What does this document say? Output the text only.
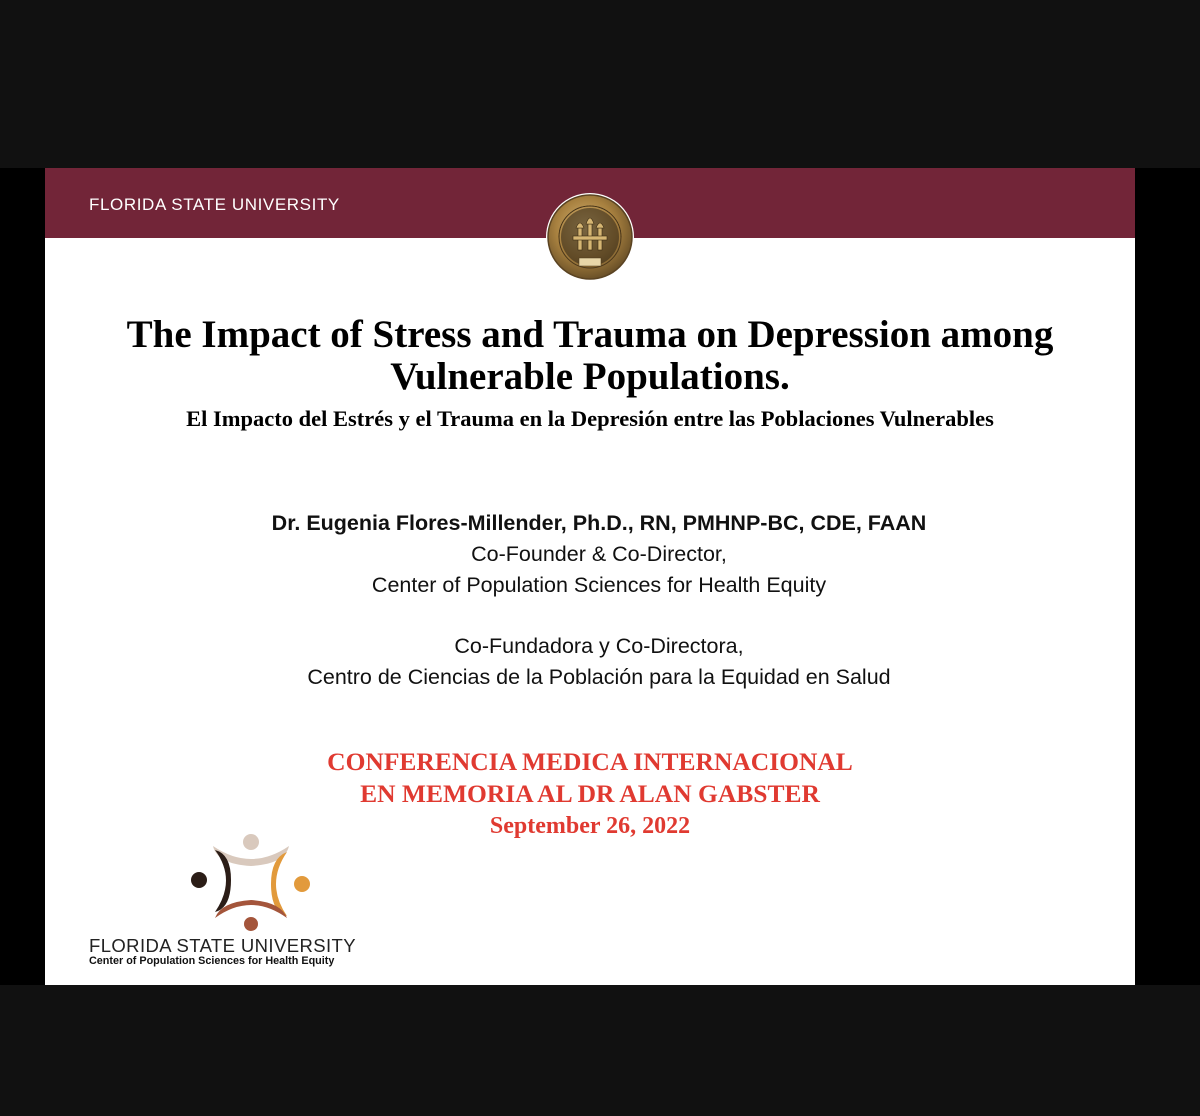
FLORIDA STATE UNIVERSITY
The Impact of Stress and Trauma on Depression among
Vulnerable Populations.
El Impacto del Estrés y el Trauma en la Depresión entre las Poblaciones Vulnerables
Dr. Eugenia Flores-Millender, Ph.D., RN, PMHNP-BC, CDE, FAAN
Co-Founder & Co-Director,
Center of Population Sciences for Health Equity
Co-Fundadora y Co-Directora,
Centro de Ciencias de la Población para la Equidad en Salud
CONFERENCIA MEDICA INTERNACIONAL
EN MEMORIA AL DR ALAN GABSTER
September 26, 2022
FLORIDA STATE UNIVERSITY
Center of Population Sciences for Health Equity
